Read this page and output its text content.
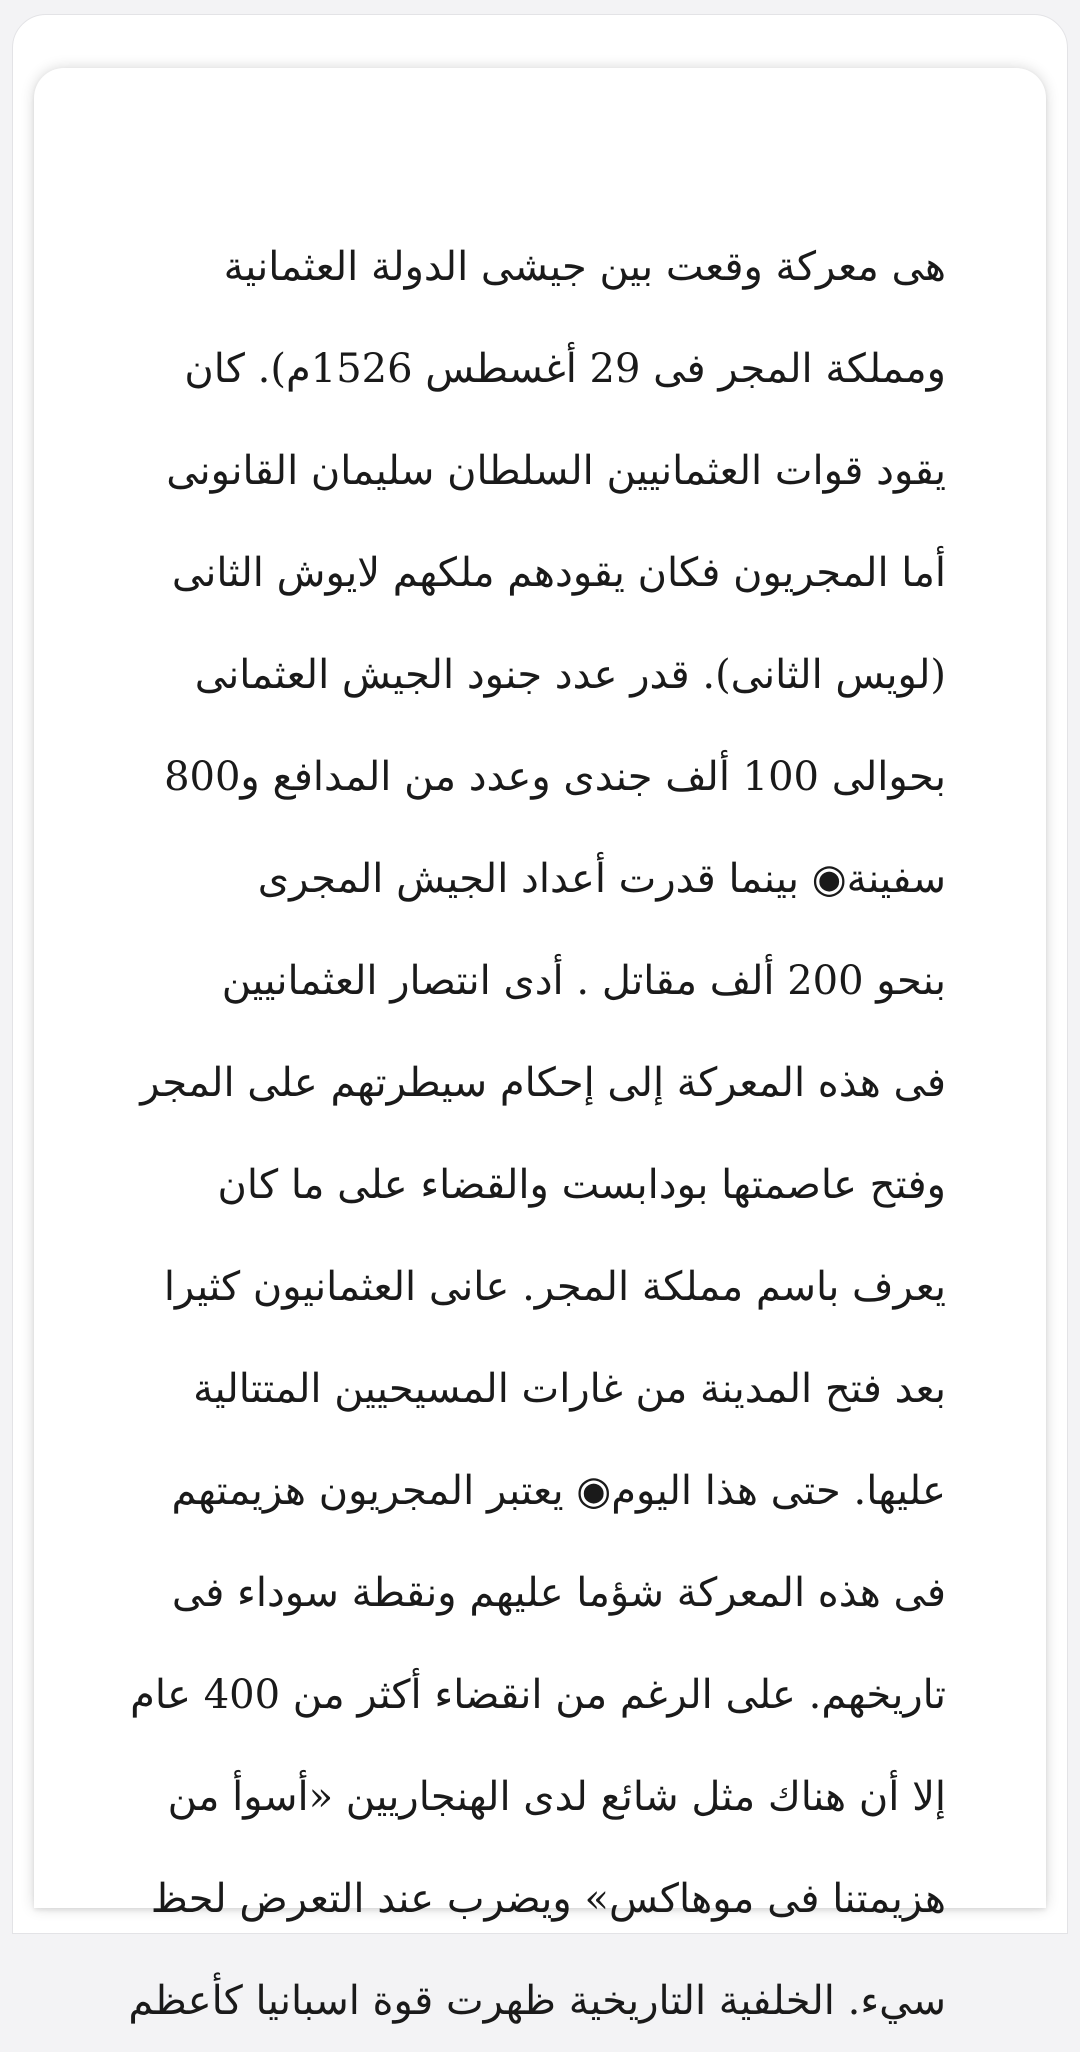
هى معركة وقعت بين جيشى الدولة العثمانية

ومملكة المجر فى 29 أغسطس 1526م). كان

يقود قوات العثمانيين السلطان سليمان القانونى

أما المجريون فكان يقودهم ملكهم لايوش الثانى

(لويس الثانى). قدر عدد جنود الجيش العثمانى

بحوالى 100 ألف جندى وعدد من المدافع و800

سفينة◉ بينما قدرت أعداد الجيش المجرى

بنحو 200 ألف مقاتل . أدى انتصار العثمانيين

فى هذه المعركة إلى إحكام سيطرتهم على المجر

وفتح عاصمتها بودابست والقضاء على ما كان

يعرف باسم مملكة المجر. عانى العثمانيون كثيرا

بعد فتح المدينة من غارات المسيحيين المتتالية

عليها. حتى هذا اليوم◉ يعتبر المجريون هزيمتهم

فى هذه المعركة شؤما عليهم ونقطة سوداء فى

تاريخهم. على الرغم من انقضاء أكثر من 400 عام

إلا أن هناك مثل شائع لدى الهنجاريين «أسوأ من

هزيمتنا فى موهاكس» ويضرب عند التعرض لحظ

سيء. الخلفية التاريخية ظهرت قوة اسبانيا كأعظم
